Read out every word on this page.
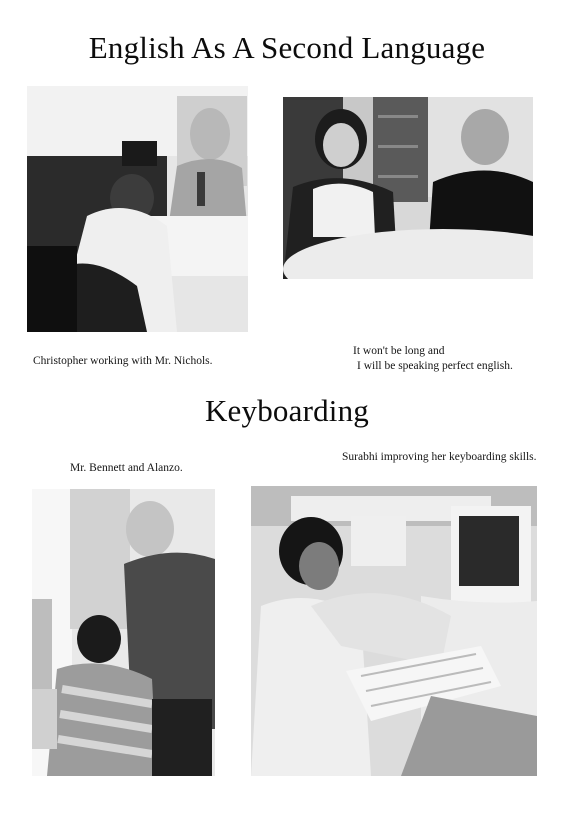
English As A Second Language

Christopher working with Mr. Nichols.

It won't be long and

I will be speaking perfect english.

Keyboarding

Mr. Bennett and Alanzo.

Surabhi improving her keyboarding skills.
